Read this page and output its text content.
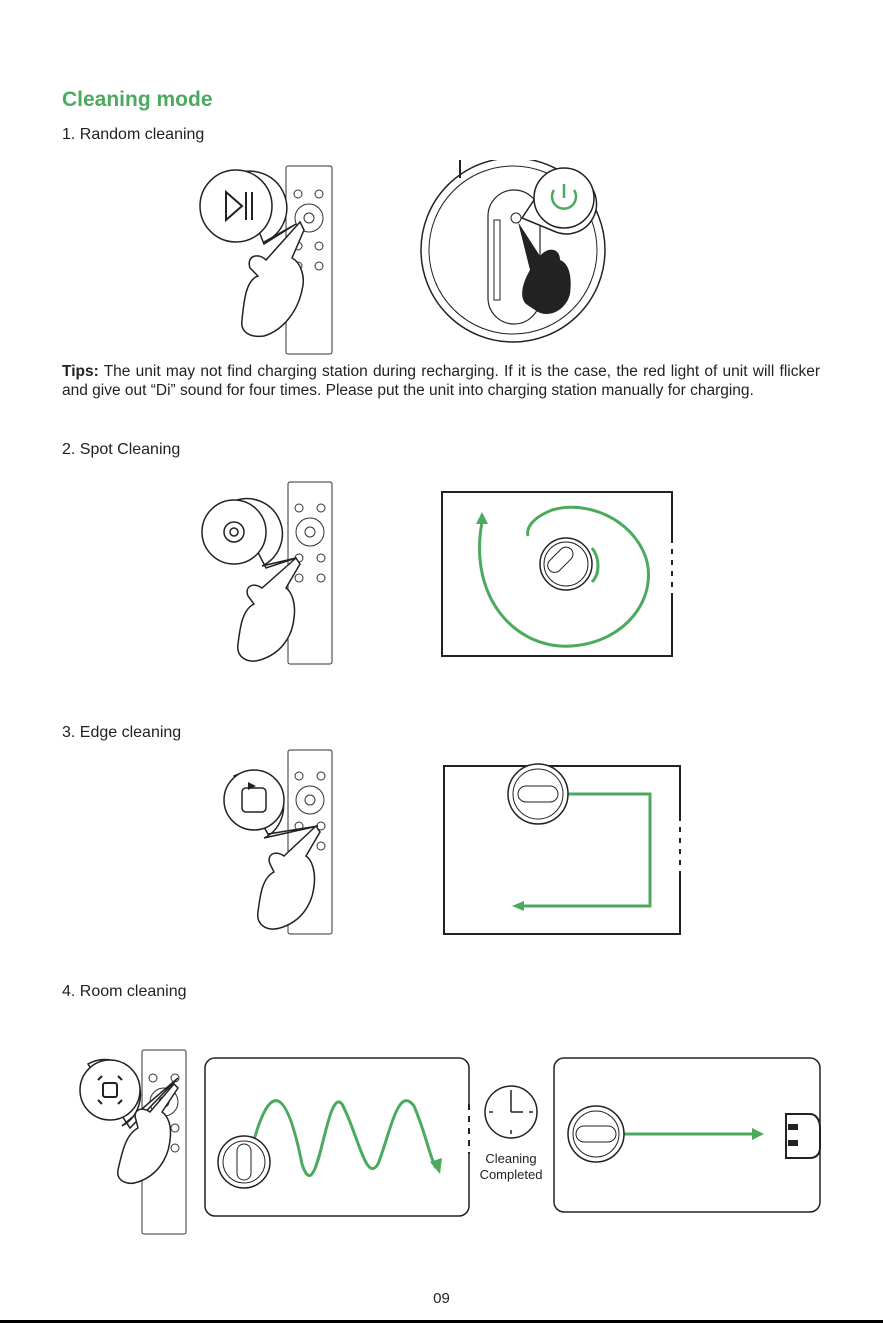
Cleaning mode
1. Random cleaning
Tips: The unit may not find charging station during recharging. If it is the case, the red light of unit will flicker and give out “Di” sound for four times. Please put the unit into charging station manually for charging.
2. Spot Cleaning
3. Edge cleaning
4. Room cleaning
Cleaning
Completed
09
